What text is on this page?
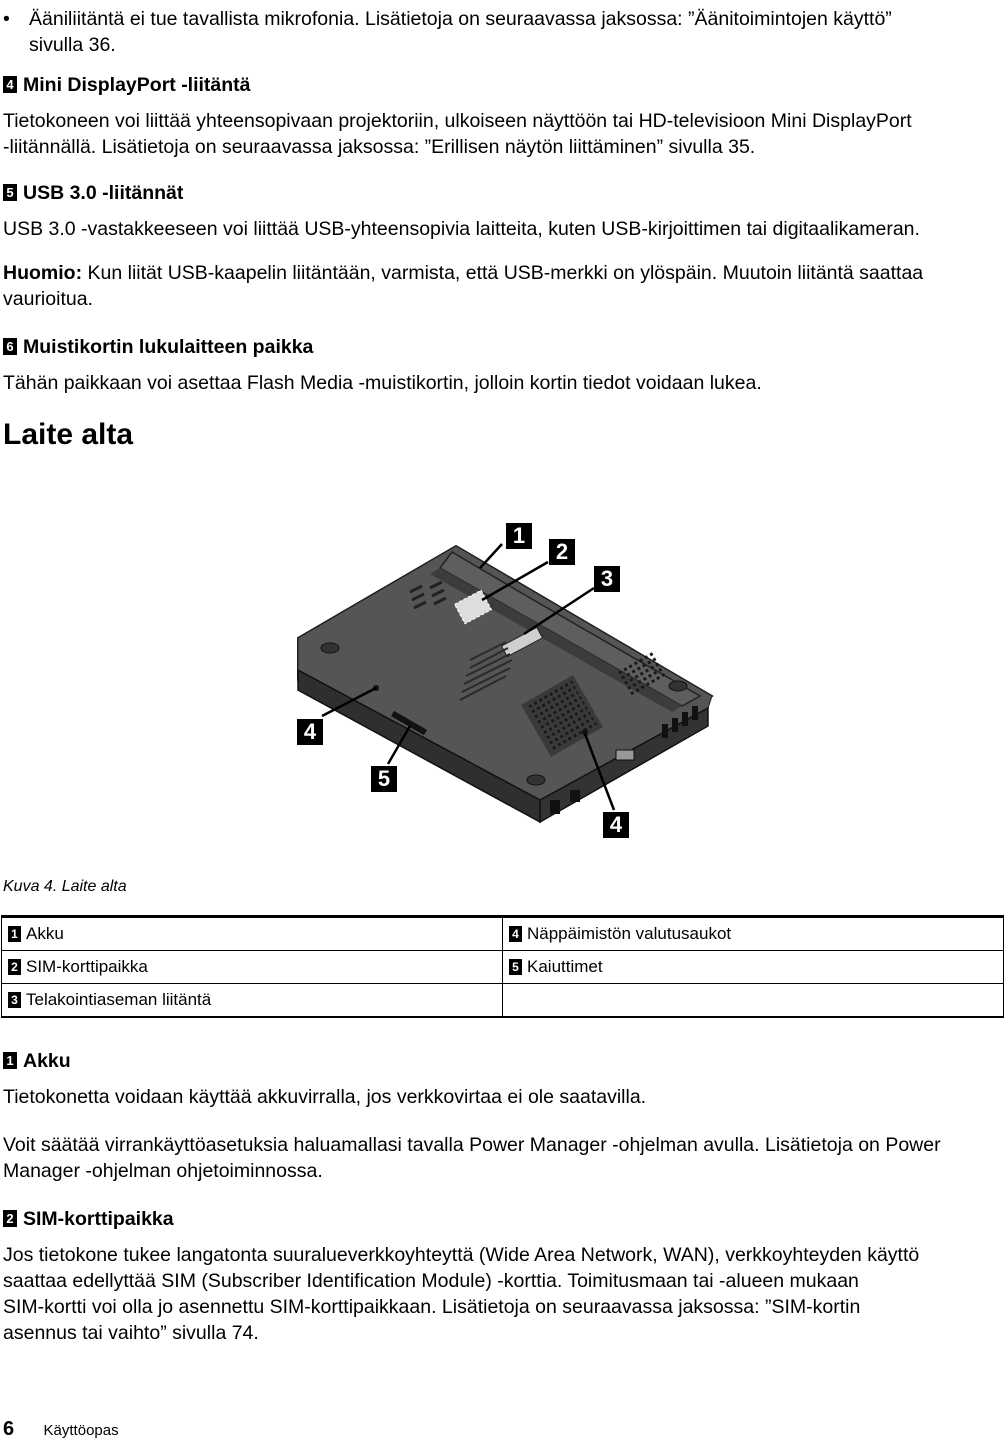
• Ääniliitäntä ei tue tavallista mikrofonia. Lisätietoja on seuraavassa jaksossa: ”Äänitoimintojen käyttö”

sivulla 36.

4 Mini DisplayPort -liitäntä

Tietokoneen voi liittää yhteensopivaan projektoriin, ulkoiseen näyttöön tai HD-televisioon Mini DisplayPort

-liitännällä. Lisätietoja on seuraavassa jaksossa: ”Erillisen näytön liittäminen” sivulla 35.

5 USB 3.0 -liitännät

USB 3.0 -vastakkeeseen voi liittää USB-yhteensopivia laitteita, kuten USB-kirjoittimen tai digitaalikameran.

Huomio: Kun liität USB-kaapelin liitäntään, varmista, että USB-merkki on ylöspäin. Muutoin liitäntä saattaa

vaurioitua.

6 Muistikortin lukulaitteen paikka

Tähän paikkaan voi asettaa Flash Media -muistikortin, jolloin kortin tiedot voidaan lukea.

Laite alta
1
2
3
4
5
4
Kuva 4. Laite alta
1 Akku	4 Näppäimistön valutusaukot
2 SIM-korttipaikka	5 Kaiuttimet
3 Telakointiaseman liitäntä	
1 Akku

Tietokonetta voidaan käyttää akkuvirralla, jos verkkovirtaa ei ole saatavilla.

Voit säätää virrankäyttöasetuksia haluamallasi tavalla Power Manager -ohjelman avulla. Lisätietoja on Power

Manager -ohjelman ohjetoiminnossa.

2 SIM-korttipaikka

Jos tietokone tukee langatonta suuralueverkkoyhteyttä (Wide Area Network, WAN), verkkoyhteyden käyttö

saattaa edellyttää SIM (Subscriber Identification Module) -korttia. Toimitusmaan tai -alueen mukaan

SIM-kortti voi olla jo asennettu SIM-korttipaikkaan. Lisätietoja on seuraavassa jaksossa: ”SIM-kortin

asennus tai vaihto” sivulla 74.

6 Käyttöopas
